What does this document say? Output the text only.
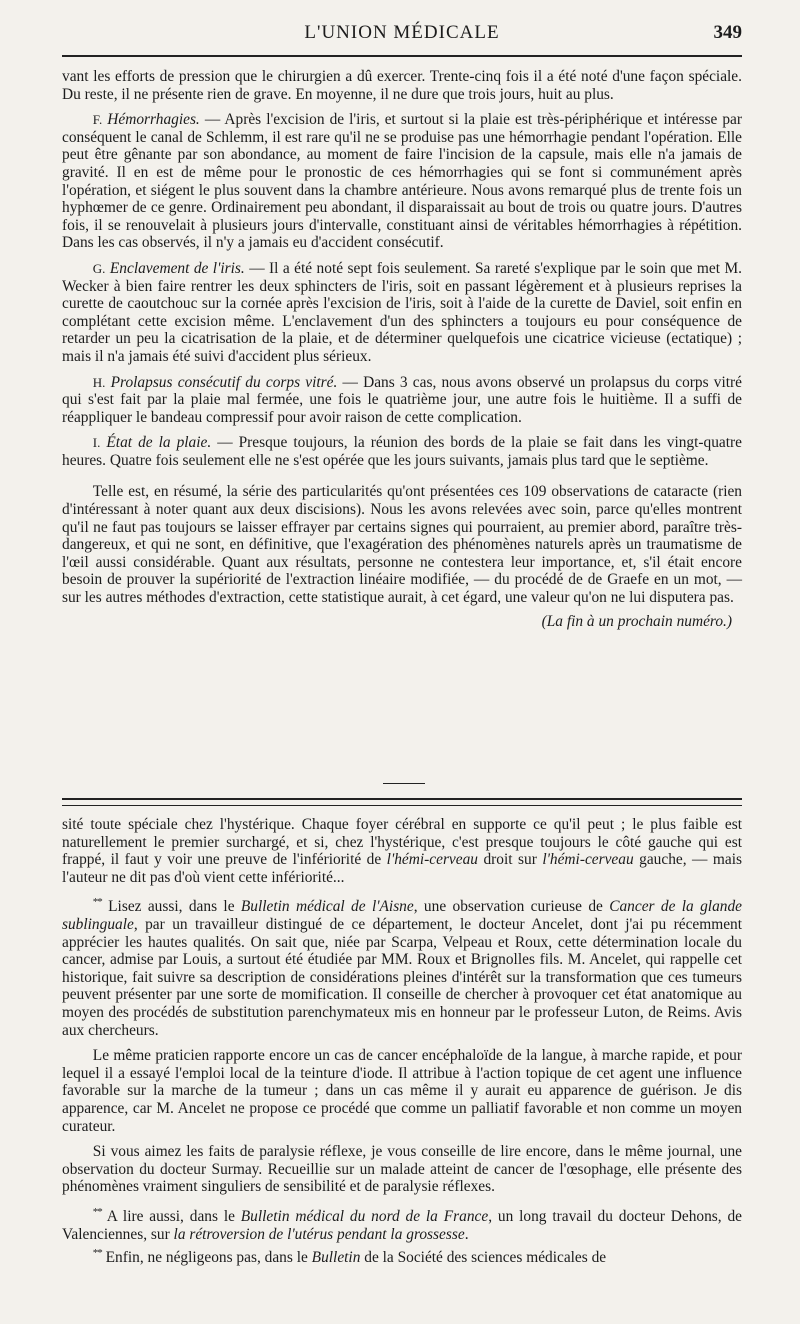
L'UNION MÉDICALE	349

vant les efforts de pression que le chirurgien a dû exercer. Trente-cinq fois il a été noté d'une façon spéciale. Du reste, il ne présente rien de grave. En moyenne, il ne dure que trois jours, huit au plus.

F. Hémorrhagies. — Après l'excision de l'iris, et surtout si la plaie est très-périphérique et intéresse par conséquent le canal de Schlemm, il est rare qu'il ne se produise pas une hémorrhagie pendant l'opération. Elle peut être gênante par son abondance, au moment de faire l'incision de la capsule, mais elle n'a jamais de gravité. Il en est de même pour le pronostic de ces hémorrhagies qui se font si communément après l'opération, et siégent le plus souvent dans la chambre antérieure. Nous avons remarqué plus de trente fois un hyphœmer de ce genre. Ordinairement peu abondant, il disparaissait au bout de trois ou quatre jours. D'autres fois, il se renouvelait à plusieurs jours d'intervalle, constituant ainsi de véritables hémorrhagies à répétition. Dans les cas observés, il n'y a jamais eu d'accident consécutif.

G. Enclavement de l'iris. — Il a été noté sept fois seulement. Sa rareté s'explique par le soin que met M. Wecker à bien faire rentrer les deux sphincters de l'iris, soit en passant légèrement et à plusieurs reprises la curette de caoutchouc sur la cornée après l'excision de l'iris, soit à l'aide de la curette de Daviel, soit enfin en complétant cette excision même. L'enclavement d'un des sphincters a toujours eu pour conséquence de retarder un peu la cicatrisation de la plaie, et de déterminer quelquefois une cicatrice vicieuse (ectatique) ; mais il n'a jamais été suivi d'accident plus sérieux.

H. Prolapsus consécutif du corps vitré. — Dans 3 cas, nous avons observé un prolapsus du corps vitré qui s'est fait par la plaie mal fermée, une fois le quatrième jour, une autre fois le huitième. Il a suffi de réappliquer le bandeau compressif pour avoir raison de cette complication.

I. État de la plaie. — Presque toujours, la réunion des bords de la plaie se fait dans les vingt-quatre heures. Quatre fois seulement elle ne s'est opérée que les jours suivants, jamais plus tard que le septième.

Telle est, en résumé, la série des particularités qu'ont présentées ces 109 observations de cataracte (rien d'intéressant à noter quant aux deux discisions). Nous les avons relevées avec soin, parce qu'elles montrent qu'il ne faut pas toujours se laisser effrayer par certains signes qui pourraient, au premier abord, paraître très-dangereux, et qui ne sont, en définitive, que l'exagération des phénomènes naturels après un traumatisme de l'œil aussi considérable. Quant aux résultats, personne ne contestera leur importance, et, s'il était encore besoin de prouver la supériorité de l'extraction linéaire modifiée, — du procédé de de Graefe en un mot, — sur les autres méthodes d'extraction, cette statistique aurait, à cet égard, une valeur qu'on ne lui disputera pas.

(La fin à un prochain numéro.)

sité toute spéciale chez l'hystérique. Chaque foyer cérébral en supporte ce qu'il peut ; le plus faible est naturellement le premier surchargé, et si, chez l'hystérique, c'est presque toujours le côté gauche qui est frappé, il faut y voir une preuve de l'infériorité de l'hémi-cerveau droit sur l'hémi-cerveau gauche, — mais l'auteur ne dit pas d'où vient cette infériorité...

** Lisez aussi, dans le Bulletin médical de l'Aisne, une observation curieuse de Cancer de la glande sublinguale, par un travailleur distingué de ce département, le docteur Ancelet, dont j'ai pu récemment apprécier les hautes qualités. On sait que, niée par Scarpa, Velpeau et Roux, cette détermination locale du cancer, admise par Louis, a surtout été étudiée par MM. Roux et Brignolles fils. M. Ancelet, qui rappelle cet historique, fait suivre sa description de considérations pleines d'intérêt sur la transformation que ces tumeurs peuvent présenter par une sorte de momification. Il conseille de chercher à provoquer cet état anatomique au moyen des procédés de substitution parenchymateux mis en honneur par le professeur Luton, de Reims. Avis aux chercheurs.

Le même praticien rapporte encore un cas de cancer encéphaloïde de la langue, à marche rapide, et pour lequel il a essayé l'emploi local de la teinture d'iode. Il attribue à l'action topique de cet agent une influence favorable sur la marche de la tumeur ; dans un cas même il y aurait eu apparence de guérison. Je dis apparence, car M. Ancelet ne propose ce procédé que comme un palliatif favorable et non comme un moyen curateur.

Si vous aimez les faits de paralysie réflexe, je vous conseille de lire encore, dans le même journal, une observation du docteur Surmay. Recueillie sur un malade atteint de cancer de l'œsophage, elle présente des phénomènes vraiment singuliers de sensibilité et de paralysie réflexes.

** A lire aussi, dans le Bulletin médical du nord de la France, un long travail du docteur Dehons, de Valenciennes, sur la rétroversion de l'utérus pendant la grossesse.

** Enfin, ne négligeons pas, dans le Bulletin de la Société des sciences médicales de
